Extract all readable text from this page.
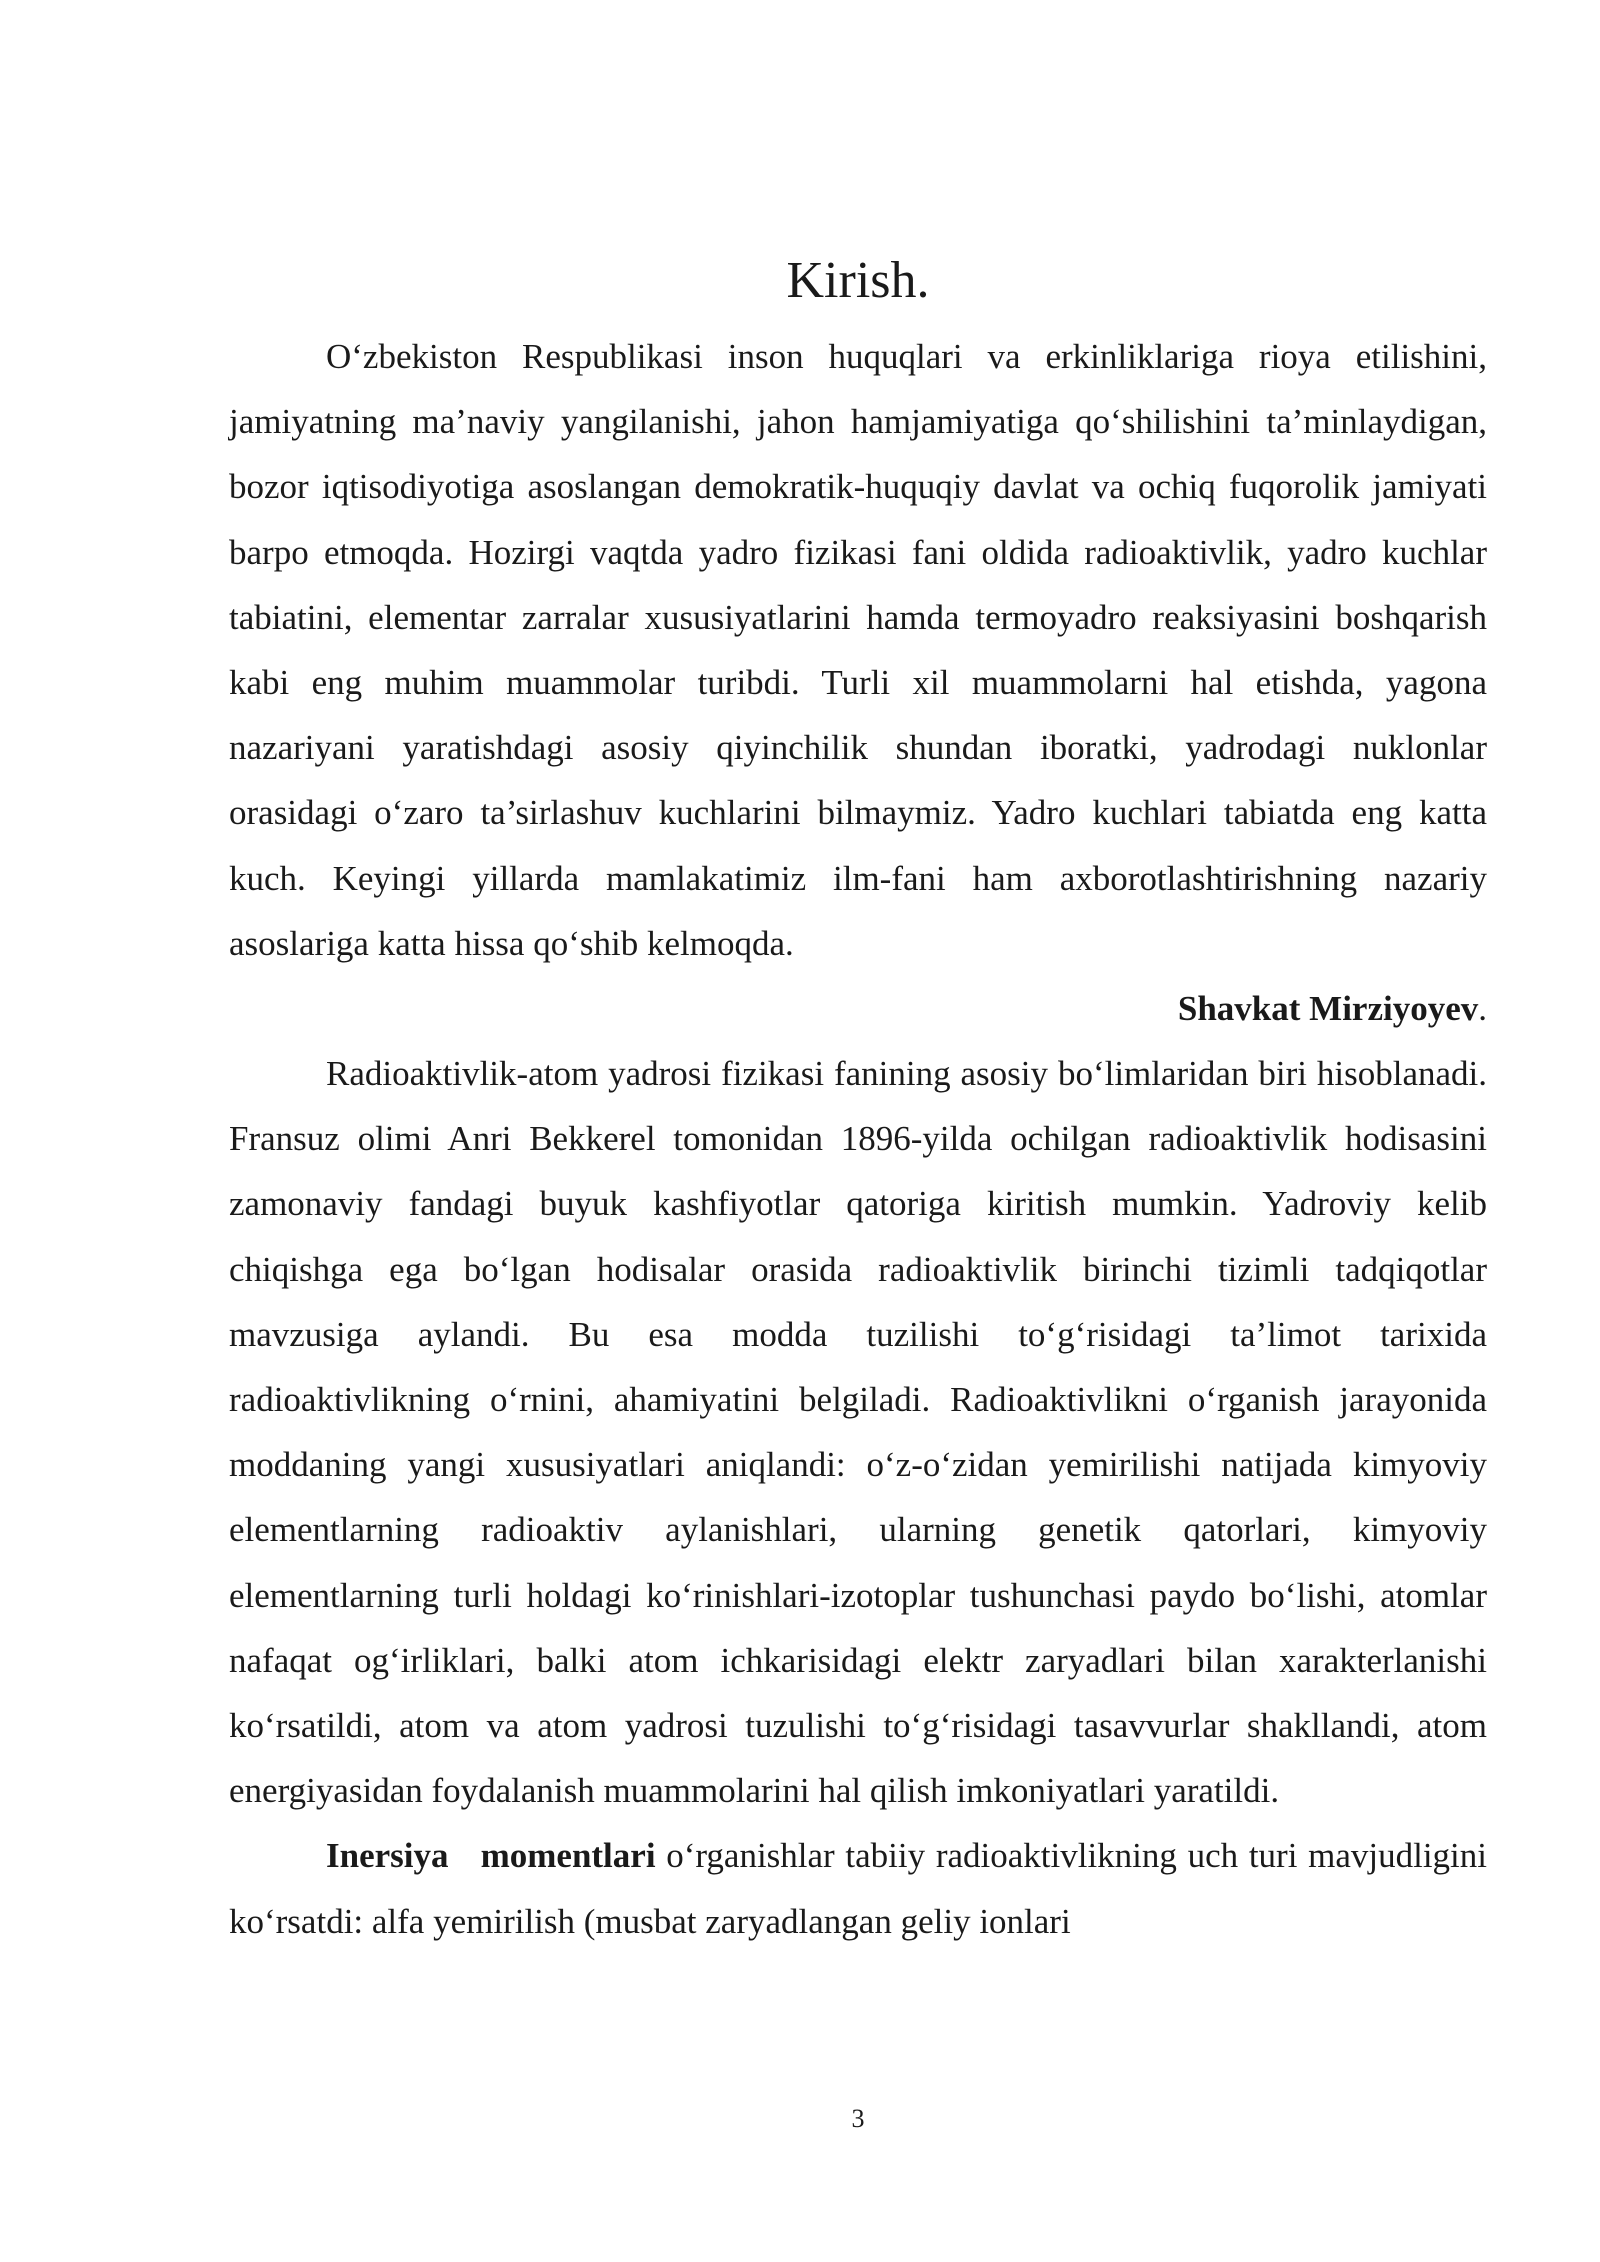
Kirish.

O‘zbekiston Respublikasi inson huquqlari va erkinliklariga rioya etilishini, jamiyatning ma’naviy yangilanishi, jahon hamjamiyatiga qo‘shilishini ta’minlaydigan, bozor iqtisodiyotiga asoslangan demokratik-huquqiy davlat va ochiq fuqorolik jamiyati barpo etmoqda. Hozirgi vaqtda yadro fizikasi fani oldida radioaktivlik, yadro kuchlar tabiatini, elementar zarralar xususiyatlarini hamda termoyadro reaksiyasini boshqarish kabi eng muhim muammolar turibdi. Turli xil muammolarni hal etishda, yagona nazariyani yaratishdagi asosiy qiyinchilik shundan iboratki, yadrodagi nuklonlar orasidagi o‘zaro ta’sirlashuv kuchlarini bilmaymiz. Yadro kuchlari tabiatda eng katta kuch. Keyingi yillarda mamlakatimiz ilm-fani ham axborotlashtirishning nazariy asoslariga katta hissa qo‘shib kelmoqda.

Shavkat Mirziyoyev.

Radioaktivlik-atom yadrosi fizikasi fanining asosiy bo‘limlaridan biri hisoblanadi. Fransuz olimi Anri Bekkerel tomonidan 1896-yilda ochilgan radioaktivlik hodisasini zamonaviy fandagi buyuk kashfiyotlar qatoriga kiritish mumkin. Yadroviy kelib chiqishga ega bo‘lgan hodisalar orasida radioaktivlik birinchi tizimli tadqiqotlar mavzusiga aylandi. Bu esa modda tuzilishi to‘g‘risidagi ta’limot tarixida radioaktivlikning o‘rnini, ahamiyatini belgiladi. Radioaktivlikni o‘rganish jarayonida moddaning yangi xususiyatlari aniqlandi: o‘z-o‘zidan yemirilishi natijada kimyoviy elementlarning radioaktiv aylanishlari, ularning genetik qatorlari, kimyoviy elementlarning turli holdagi ko‘rinishlari-izotoplar tushunchasi paydo bo‘lishi, atomlar nafaqat og‘irliklari, balki atom ichkarisidagi elektr zaryadlari bilan xarakterlanishi ko‘rsatildi, atom va atom yadrosi tuzulishi to‘g‘risidagi tasavvurlar shakllandi, atom energiyasidan foydalanish muammolarini hal qilish imkoniyatlari yaratildi.

Inersiya   momentlari o‘rganishlar tabiiy radioaktivlikning uch turi mavjudligini ko‘rsatdi: alfa yemirilish (musbat zaryadlangan geliy ionlari

3
